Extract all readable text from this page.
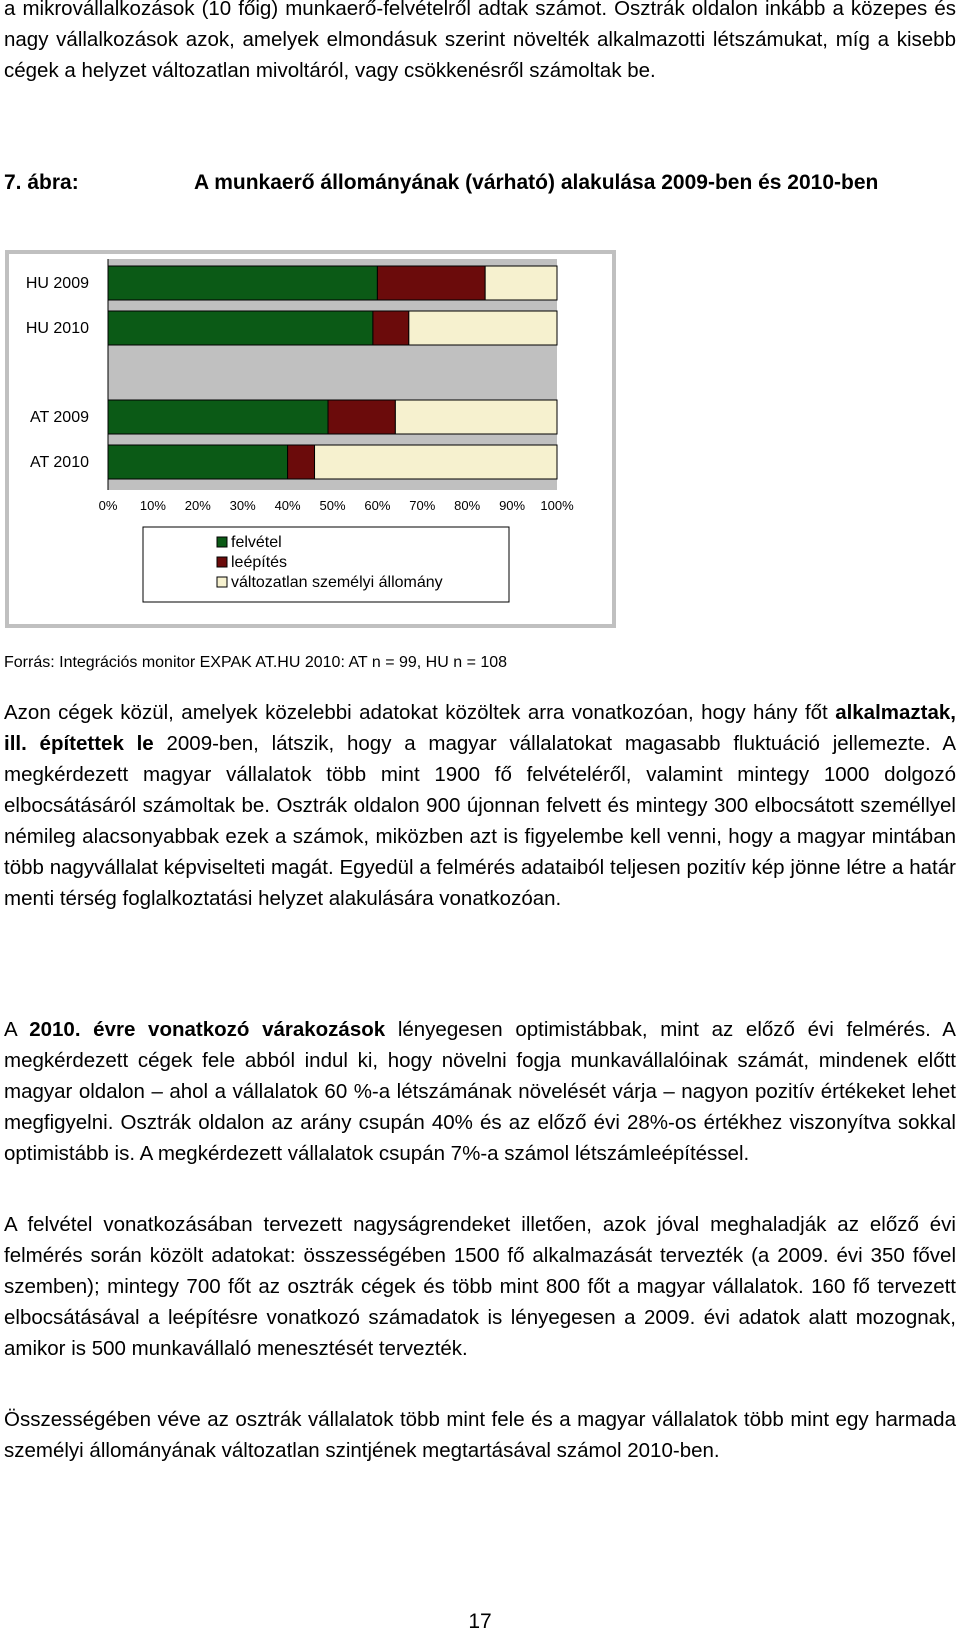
a mikrovállalkozások (10 főig) munkaerő-felvételről adtak számot. Osztrák oldalon inkább a közepes és nagy vállalkozások azok, amelyek elmondásuk szerint növelték alkalmazotti létszámukat, míg a kisebb cégek a helyzet változatlan mivoltáról, vagy csökkenésről számoltak be.

7. ábra:	A munkaerő állományának (várható) alakulása 2009-ben és 2010-ben
HU 2009
HU 2010
AT 2009
AT 2010
0% 10% 20% 30% 40% 50% 60% 70% 80% 90% 100%
felvétel
leépítés
változatlan személyi állomány
Forrás: Integrációs monitor EXPAK AT.HU 2010: AT n = 99, HU n = 108

Azon cégek közül, amelyek közelebbi adatokat közöltek arra vonatkozóan, hogy hány főt alkalmaztak, ill. építettek le 2009-ben, látszik, hogy a magyar vállalatokat magasabb fluktuáció jellemezte. A megkérdezett magyar vállalatok több mint 1900 fő felvételéről, valamint mintegy 1000 dolgozó elbocsátásáról számoltak be. Osztrák oldalon 900 újonnan felvett és mintegy 300 elbocsátott személlyel némileg alacsonyabbak ezek a számok, miközben azt is figyelembe kell venni, hogy a magyar mintában több nagyvállalat képviselteti magát. Egyedül a felmérés adataiból teljesen pozitív kép jönne létre a határ menti térség foglalkoztatási helyzet alakulására vonatkozóan.

A 2010. évre vonatkozó várakozások lényegesen optimistábbak, mint az előző évi felmérés. A megkérdezett cégek fele abból indul ki, hogy növelni fogja munkavállalóinak számát, mindenek előtt magyar oldalon – ahol a vállalatok 60 %-a létszámának növelését várja – nagyon pozitív értékeket lehet megfigyelni. Osztrák oldalon az arány csupán 40% és az előző évi 28%-os értékhez viszonyítva sokkal optimistább is. A megkérdezett vállalatok csupán 7%-a számol létszámleépítéssel.

A felvétel vonatkozásában tervezett nagyságrendeket illetően, azok jóval meghaladják az előző évi felmérés során közölt adatokat: összességében 1500 fő alkalmazását tervezték (a 2009. évi 350 fővel szemben); mintegy 700 főt az osztrák cégek és több mint 800 főt a magyar vállalatok. 160 fő tervezett elbocsátásával a leépítésre vonatkozó számadatok is lényegesen a 2009. évi adatok alatt mozognak, amikor is 500 munkavállaló menesztését tervezték.

Összességében véve az osztrák vállalatok több mint fele és a magyar vállalatok több mint egy harmada személyi állományának változatlan szintjének megtartásával számol 2010-ben.

17
